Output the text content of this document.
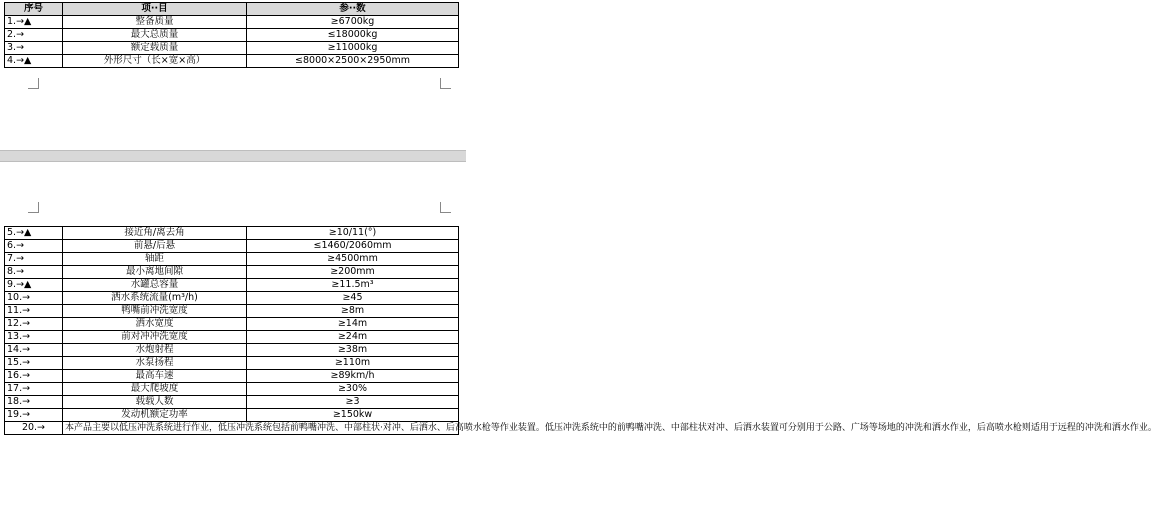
序号	项··目	参··数
1.→▲	整备质量	≥6700kg
2.→	最大总质量	≤18000kg
3.→	额定载质量	≥11000kg
4.→▲	外形尺寸（长×宽×高）	≤8000×2500×2950mm
5.→▲	接近角/离去角	≥10/11(°)
6.→	前悬/后悬	≤1460/2060mm
7.→	轴距	≥4500mm
8.→	最小离地间隙	≥200mm
9.→▲	水罐总容量	≥11.5m³
10.→	洒水系统流量(m³/h)	≥45
11.→	鸭嘴前冲洗宽度	≥8m
12.→	洒水宽度	≥14m
13.→	前对冲冲洗宽度	≥24m
14.→	水炮射程	≥38m
15.→	水泵扬程	≥110m
16.→	最高车速	≥89km/h
17.→	最大爬坡度	≥30%
18.→	载载人数	≥3
19.→	发动机额定功率	≥150kw
20.→	本产品主要以低压冲洗系统进行作业，低压冲洗系统包括前鸭嘴冲洗、中部柱状·对冲、后洒水、后高喷水枪等作业装置。低压冲洗系统中的前鸭嘴冲洗、中部柱状对冲、后洒水装置可分别用于公路、广场等场地的冲洗和洒水作业，后高喷水枪则适用于远程的冲洗和洒水作业。	
